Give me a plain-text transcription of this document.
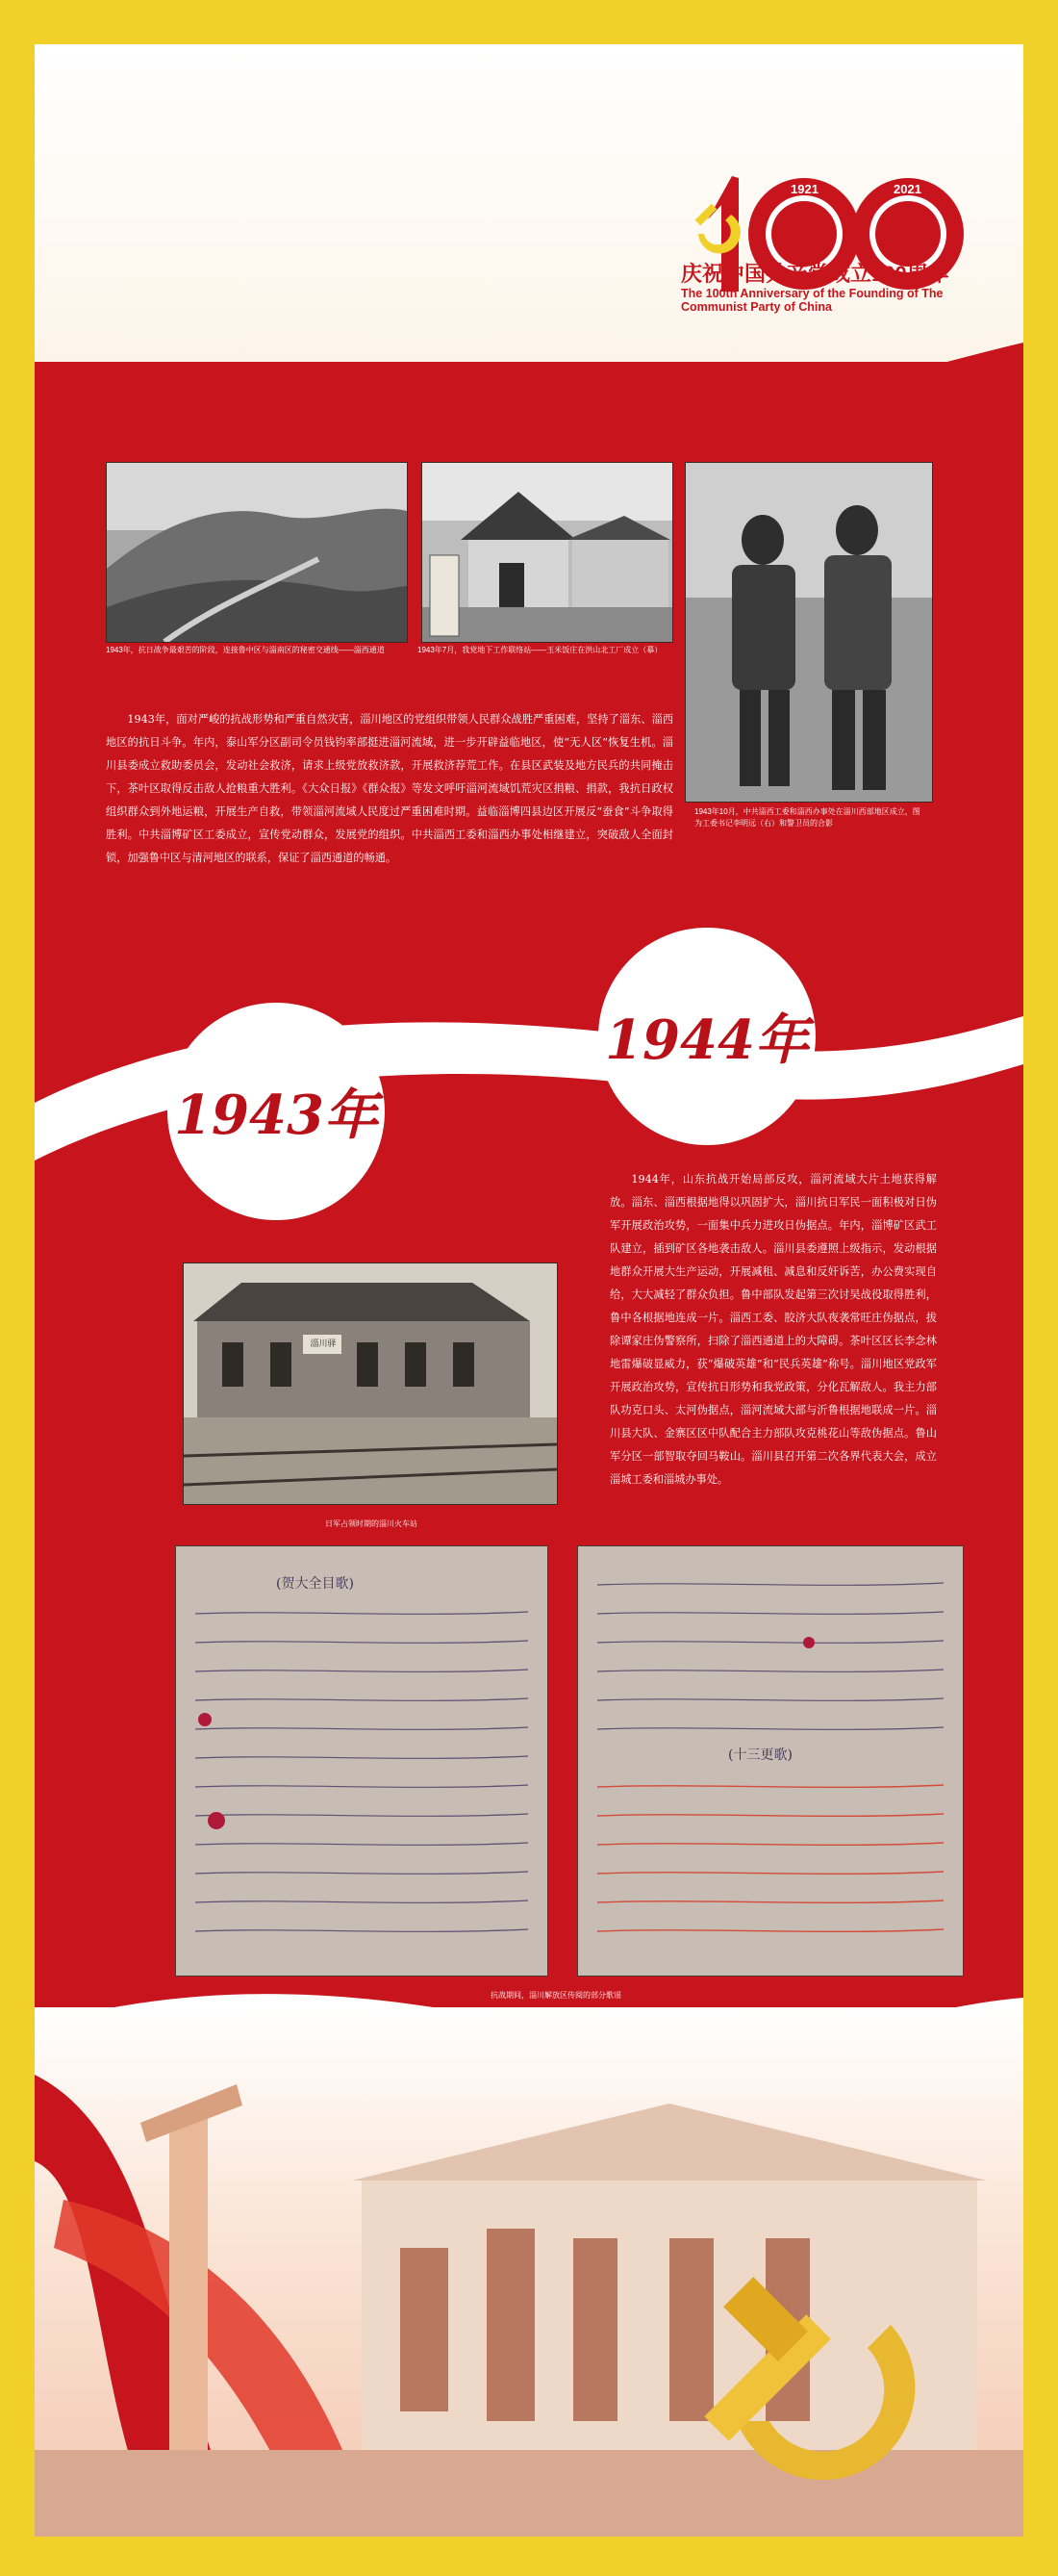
1921	2021
庆祝中国共产党成立100周年
The 100th Anniversary of the Founding of The Communist Party of China
1943年，抗日战争最艰苦的阶段，连接鲁中区与淄南区的秘密交通线——淄西通道	1943年7月，我党地下工作联络站——玉米饭庄在洪山北工厂成立（摹）
1943年10月，中共淄西工委和淄西办事处在淄川西部地区成立，图为工委书记李明远（右）和警卫员的合影
1943年，面对严峻的抗战形势和严重自然灾害，淄川地区的党组织带领人民群众战胜严重困难，坚持了淄东、淄西地区的抗日斗争。年内，泰山军分区副司令员钱钧率部挺进淄河流域，进一步开辟益临地区，使“无人区”恢复生机。淄川县委成立救助委员会，发动社会救济，请求上级党放救济款，开展救济荐荒工作。在县区武装及地方民兵的共同掩击下，茶叶区取得反击敌人抢粮重大胜利。《大众日报》《群众报》等发文呼吁淄河流域饥荒灾区捐粮、捐款，我抗日政权组织群众到外地运粮，开展生产自救，带领淄河流域人民度过严重困难时期。益临淄博四县边区开展反“蚕食”斗争取得胜利。中共淄博矿区工委成立，宣传党动群众，发展党的组织。中共淄西工委和淄西办事处相继建立，突破敌人全面封锁，加强鲁中区与清河地区的联系，保证了淄西通道的畅通。
1943年
1944年
1944年，山东抗战开始局部反攻，淄河流域大片土地获得解放。淄东、淄西根据地得以巩固扩大，淄川抗日军民一面积极对日伪军开展政治攻势，一面集中兵力进攻日伪据点。年内，淄博矿区武工队建立，插到矿区各地袭击敌人。淄川县委遵照上级指示，发动根据地群众开展大生产运动，开展减租、减息和反奸诉苦，办公费实现自给，大大减轻了群众负担。鲁中部队发起第三次讨吴战役取得胜利，鲁中各根据地连成一片。淄西工委、胶济大队夜袭常旺庄伪据点，拔除谭家庄伪警察所，扫除了淄西通道上的大障碍。茶叶区区长李念林地雷爆破显威力，获“爆破英雄”和“民兵英雄”称号。淄川地区党政军开展政治攻势，宣传抗日形势和我党政策，分化瓦解敌人。我主力部队功克口头、太河伪据点，淄河流域大部与沂鲁根据地联成一片。淄川县大队、金寨区区中队配合主力部队攻克桃花山等敌伪据点。鲁山军分区一部智取夺回马鞍山。淄川县召开第二次各界代表大会，成立淄城工委和淄城办事处。
淄川驿
日军占领时期的淄川火车站
(贺大全目歌)
(十三更歌)
抗战期间，淄川解放区传阅的部分歌谣
